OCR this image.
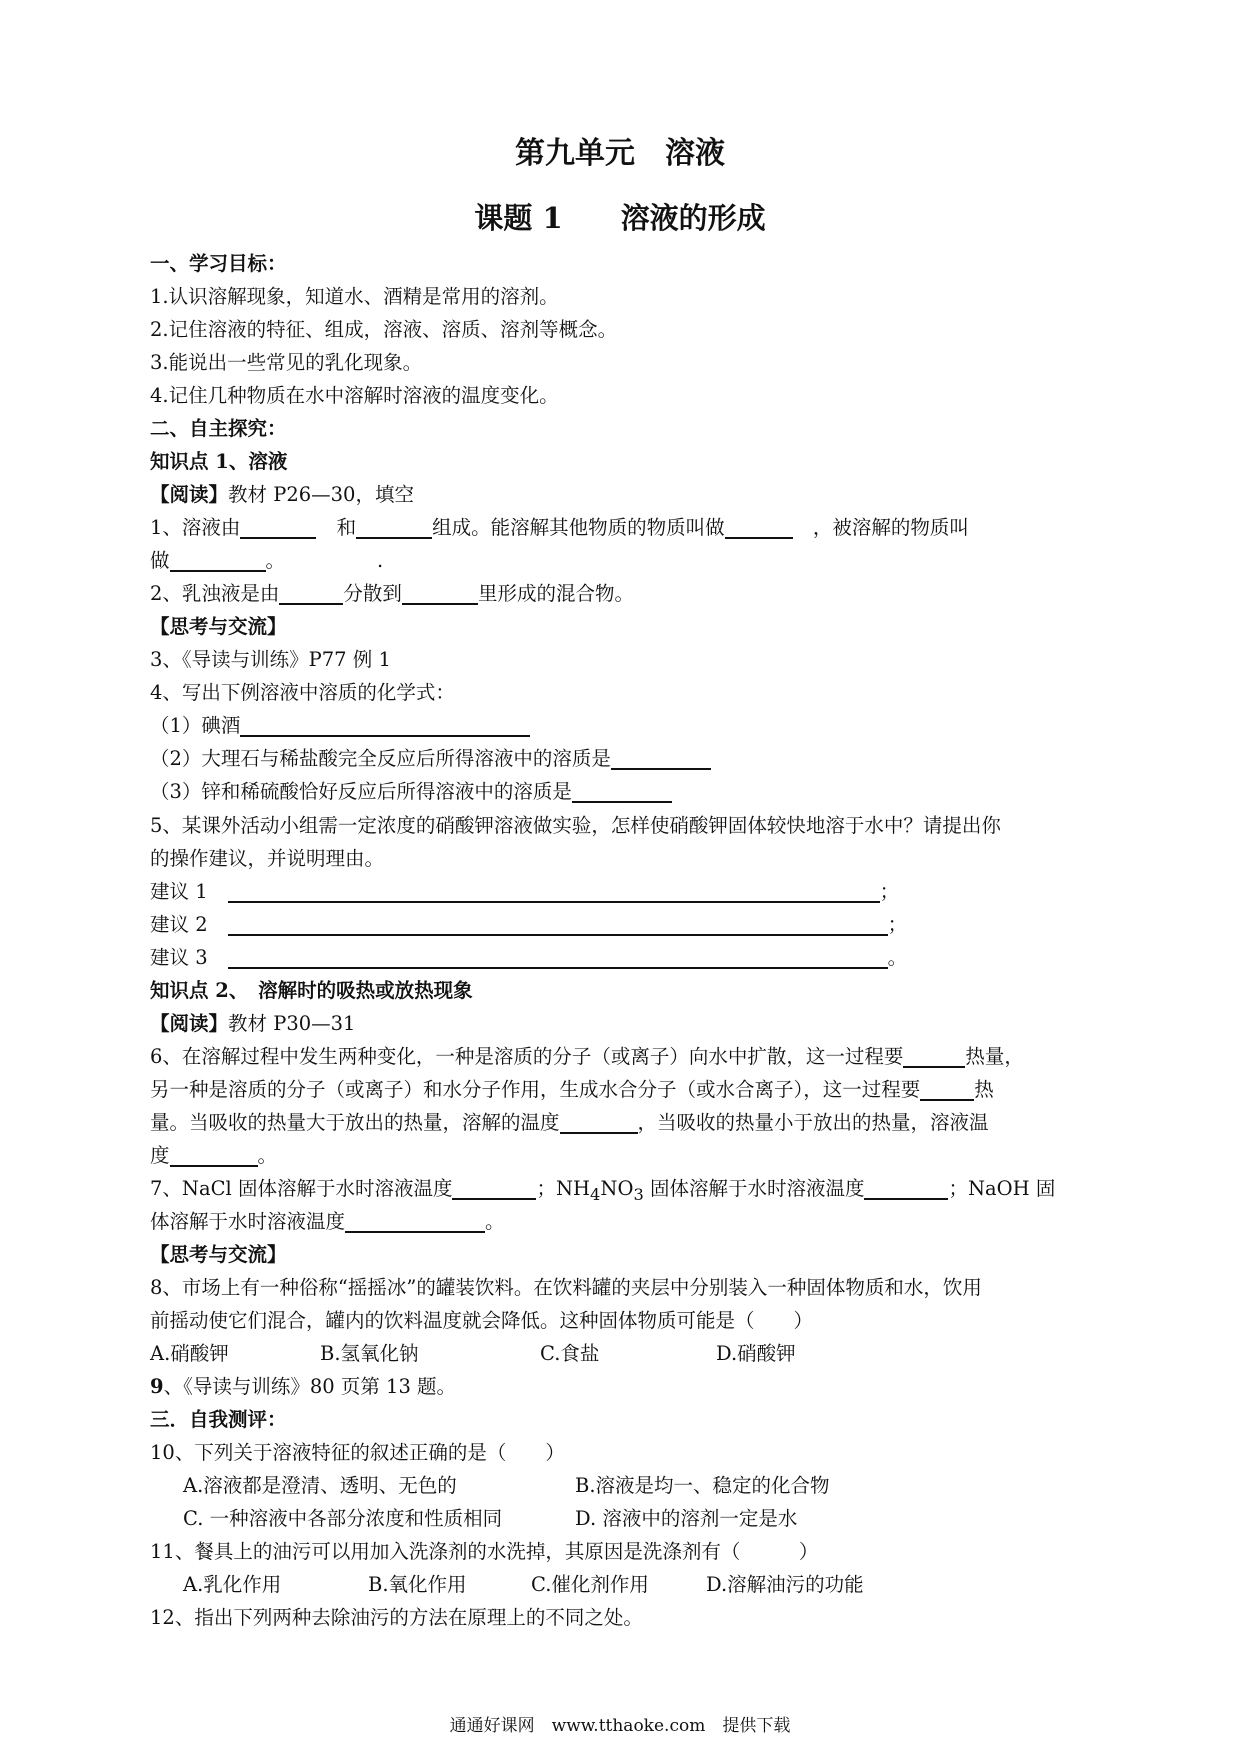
第九单元　溶液
课题 1　　溶液的形成
一、学习目标：
1.认识溶解现象，知道水、酒精是常用的溶剂。
2.记住溶液的特征、组成，溶液、溶质、溶剂等概念。
3.能说出一些常见的乳化现象。
4.记住几种物质在水中溶解时溶液的温度变化。
二、自主探究：
知识点 1、溶液
【阅读】教材 P26—30，填空
1、溶液由	和	组成。能溶解其他物质的物质叫做	，被溶解的物质叫
做	。	.
2、乳浊液是由	分散到	里形成的混合物。
【思考与交流】
3、《导读与训练》P77 例 1
4、写出下例溶液中溶质的化学式：
（1）碘酒
（2）大理石与稀盐酸完全反应后所得溶液中的溶质是
（3）锌和稀硫酸恰好反应后所得溶液中的溶质是
5、某课外活动小组需一定浓度的硝酸钾溶液做实验，怎样使硝酸钾固体较快地溶于水中？请提出你
的操作建议，并说明理由。
建议 1	；
建议 2	；
建议 3	。
知识点 2、　溶解时的吸热或放热现象
【阅读】教材 P30—31
6、在溶解过程中发生两种变化，一种是溶质的分子（或离子）向水中扩散，这一过程要	热量，
另一种是溶质的分子（或离子）和水分子作用，生成水合分子（或水合离子），这一过程要	热
量。当吸收的热量大于放出的热量，溶解的温度	，当吸收的热量小于放出的热量，溶液温
度	。
7、NaCl 固体溶解于水时溶液温度	；$NH_4NO_3$ 固体溶解于水时溶液温度	；NaOH 固
体溶解于水时溶液温度	。
【思考与交流】
8、市场上有一种俗称“摇摇冰”的罐装饮料。在饮料罐的夹层中分别装入一种固体物质和水，饮用
前摇动使它们混合，罐内的饮料温度就会降低。这种固体物质可能是（　　）
A.硝酸钾	B.氢氧化钠	C.食盐	D.硝酸钾
9、《导读与训练》80 页第 13 题。
三．自我测评：
10、下列关于溶液特征的叙述正确的是（　　）
A.溶液都是澄清、透明、无色的	B.溶液是均一、稳定的化合物
C. 一种溶液中各部分浓度和性质相同	D. 溶液中的溶剂一定是水
11、餐具上的油污可以用加入洗涤剂的水洗掉，其原因是洗涤剂有（　　　）
A.乳化作用	B.氧化作用	C.催化剂作用	D.溶解油污的功能
12、指出下列两种去除油污的方法在原理上的不同之处。
通通好课网　www.tthaoke.com　提供下载
